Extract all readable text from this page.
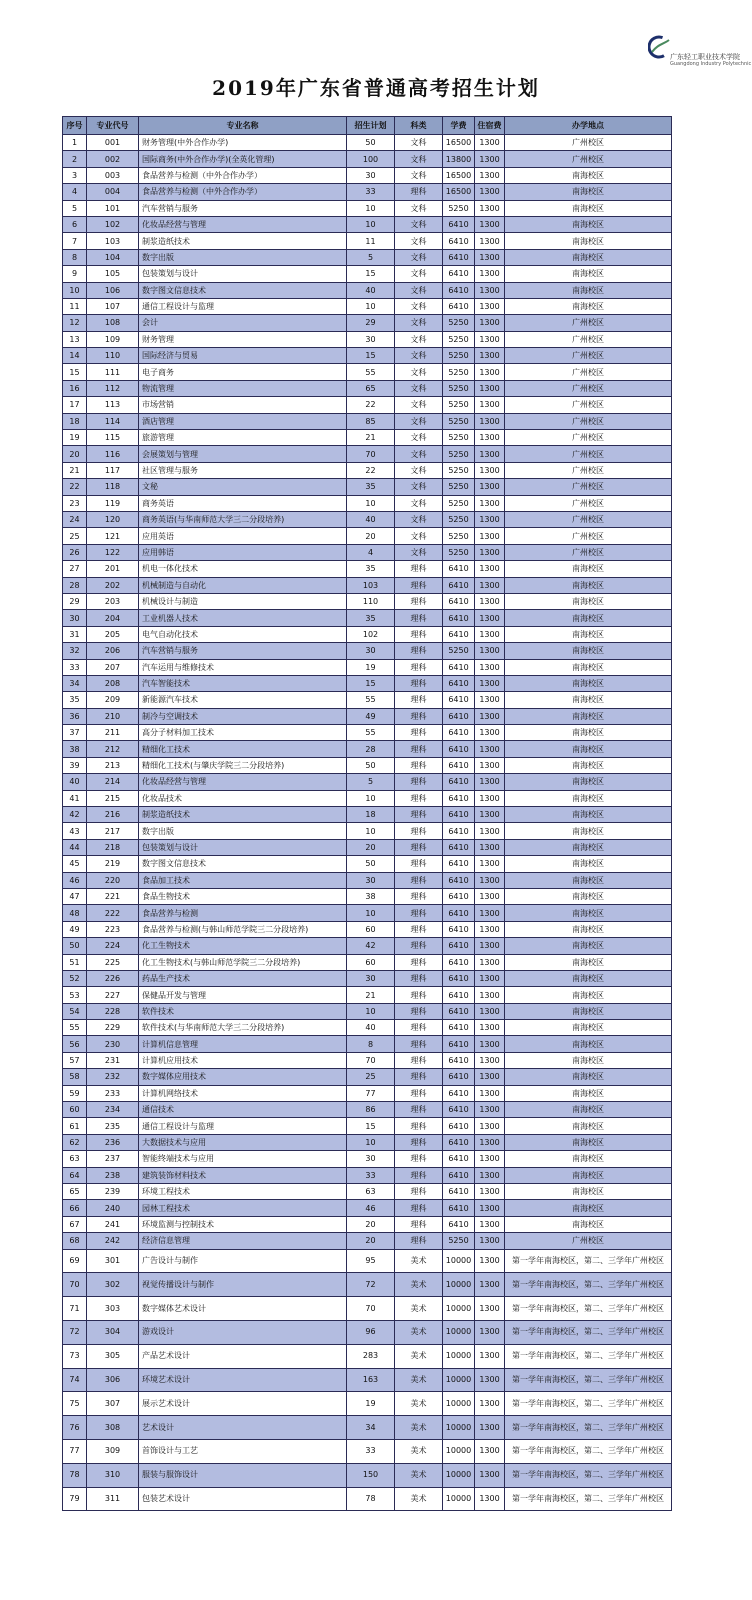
广东轻工职业技术学院
Guangdong Industry Polytechnic
2019年广东省普通高考招生计划
序号	专业代号	专业名称	招生计划	科类	学费	住宿费	办学地点
1	001	财务管理(中外合作办学)	50	文科	16500	1300	广州校区
2	002	国际商务(中外合作办学)(全英化管理)	100	文科	13800	1300	广州校区
3	003	食品营养与检测（中外合作办学）	30	文科	16500	1300	南海校区
4	004	食品营养与检测（中外合作办学）	33	理科	16500	1300	南海校区
5	101	汽车营销与服务	10	文科	5250	1300	南海校区
6	102	化妆品经营与管理	10	文科	6410	1300	南海校区
7	103	制浆造纸技术	11	文科	6410	1300	南海校区
8	104	数字出版	5	文科	6410	1300	南海校区
9	105	包装策划与设计	15	文科	6410	1300	南海校区
10	106	数字图文信息技术	40	文科	6410	1300	南海校区
11	107	通信工程设计与监理	10	文科	6410	1300	南海校区
12	108	会计	29	文科	5250	1300	广州校区
13	109	财务管理	30	文科	5250	1300	广州校区
14	110	国际经济与贸易	15	文科	5250	1300	广州校区
15	111	电子商务	55	文科	5250	1300	广州校区
16	112	物流管理	65	文科	5250	1300	广州校区
17	113	市场营销	22	文科	5250	1300	广州校区
18	114	酒店管理	85	文科	5250	1300	广州校区
19	115	旅游管理	21	文科	5250	1300	广州校区
20	116	会展策划与管理	70	文科	5250	1300	广州校区
21	117	社区管理与服务	22	文科	5250	1300	广州校区
22	118	文秘	35	文科	5250	1300	广州校区
23	119	商务英语	10	文科	5250	1300	广州校区
24	120	商务英语(与华南师范大学三二分段培养)	40	文科	5250	1300	广州校区
25	121	应用英语	20	文科	5250	1300	广州校区
26	122	应用韩语	4	文科	5250	1300	广州校区
27	201	机电一体化技术	35	理科	6410	1300	南海校区
28	202	机械制造与自动化	103	理科	6410	1300	南海校区
29	203	机械设计与制造	110	理科	6410	1300	南海校区
30	204	工业机器人技术	35	理科	6410	1300	南海校区
31	205	电气自动化技术	102	理科	6410	1300	南海校区
32	206	汽车营销与服务	30	理科	5250	1300	南海校区
33	207	汽车运用与维修技术	19	理科	6410	1300	南海校区
34	208	汽车智能技术	15	理科	6410	1300	南海校区
35	209	新能源汽车技术	55	理科	6410	1300	南海校区
36	210	制冷与空调技术	49	理科	6410	1300	南海校区
37	211	高分子材料加工技术	55	理科	6410	1300	南海校区
38	212	精细化工技术	28	理科	6410	1300	南海校区
39	213	精细化工技术(与肇庆学院三二分段培养)	50	理科	6410	1300	南海校区
40	214	化妆品经营与管理	5	理科	6410	1300	南海校区
41	215	化妆品技术	10	理科	6410	1300	南海校区
42	216	制浆造纸技术	18	理科	6410	1300	南海校区
43	217	数字出版	10	理科	6410	1300	南海校区
44	218	包装策划与设计	20	理科	6410	1300	南海校区
45	219	数字图文信息技术	50	理科	6410	1300	南海校区
46	220	食品加工技术	30	理科	6410	1300	南海校区
47	221	食品生物技术	38	理科	6410	1300	南海校区
48	222	食品营养与检测	10	理科	6410	1300	南海校区
49	223	食品营养与检测(与韩山师范学院三二分段培养)	60	理科	6410	1300	南海校区
50	224	化工生物技术	42	理科	6410	1300	南海校区
51	225	化工生物技术(与韩山师范学院三二分段培养)	60	理科	6410	1300	南海校区
52	226	药品生产技术	30	理科	6410	1300	南海校区
53	227	保健品开发与管理	21	理科	6410	1300	南海校区
54	228	软件技术	10	理科	6410	1300	南海校区
55	229	软件技术(与华南师范大学三二分段培养)	40	理科	6410	1300	南海校区
56	230	计算机信息管理	8	理科	6410	1300	南海校区
57	231	计算机应用技术	70	理科	6410	1300	南海校区
58	232	数字媒体应用技术	25	理科	6410	1300	南海校区
59	233	计算机网络技术	77	理科	6410	1300	南海校区
60	234	通信技术	86	理科	6410	1300	南海校区
61	235	通信工程设计与监理	15	理科	6410	1300	南海校区
62	236	大数据技术与应用	10	理科	6410	1300	南海校区
63	237	智能终端技术与应用	30	理科	6410	1300	南海校区
64	238	建筑装饰材料技术	33	理科	6410	1300	南海校区
65	239	环境工程技术	63	理科	6410	1300	南海校区
66	240	园林工程技术	46	理科	6410	1300	南海校区
67	241	环境监测与控制技术	20	理科	6410	1300	南海校区
68	242	经济信息管理	20	理科	5250	1300	广州校区
69	301	广告设计与制作	95	美术	10000	1300	第一学年南海校区，第二、三学年广州校区
70	302	视觉传播设计与制作	72	美术	10000	1300	第一学年南海校区，第二、三学年广州校区
71	303	数字媒体艺术设计	70	美术	10000	1300	第一学年南海校区，第二、三学年广州校区
72	304	游戏设计	96	美术	10000	1300	第一学年南海校区，第二、三学年广州校区
73	305	产品艺术设计	283	美术	10000	1300	第一学年南海校区，第二、三学年广州校区
74	306	环境艺术设计	163	美术	10000	1300	第一学年南海校区，第二、三学年广州校区
75	307	展示艺术设计	19	美术	10000	1300	第一学年南海校区，第二、三学年广州校区
76	308	艺术设计	34	美术	10000	1300	第一学年南海校区，第二、三学年广州校区
77	309	首饰设计与工艺	33	美术	10000	1300	第一学年南海校区，第二、三学年广州校区
78	310	服装与服饰设计	150	美术	10000	1300	第一学年南海校区，第二、三学年广州校区
79	311	包装艺术设计	78	美术	10000	1300	第一学年南海校区，第二、三学年广州校区
